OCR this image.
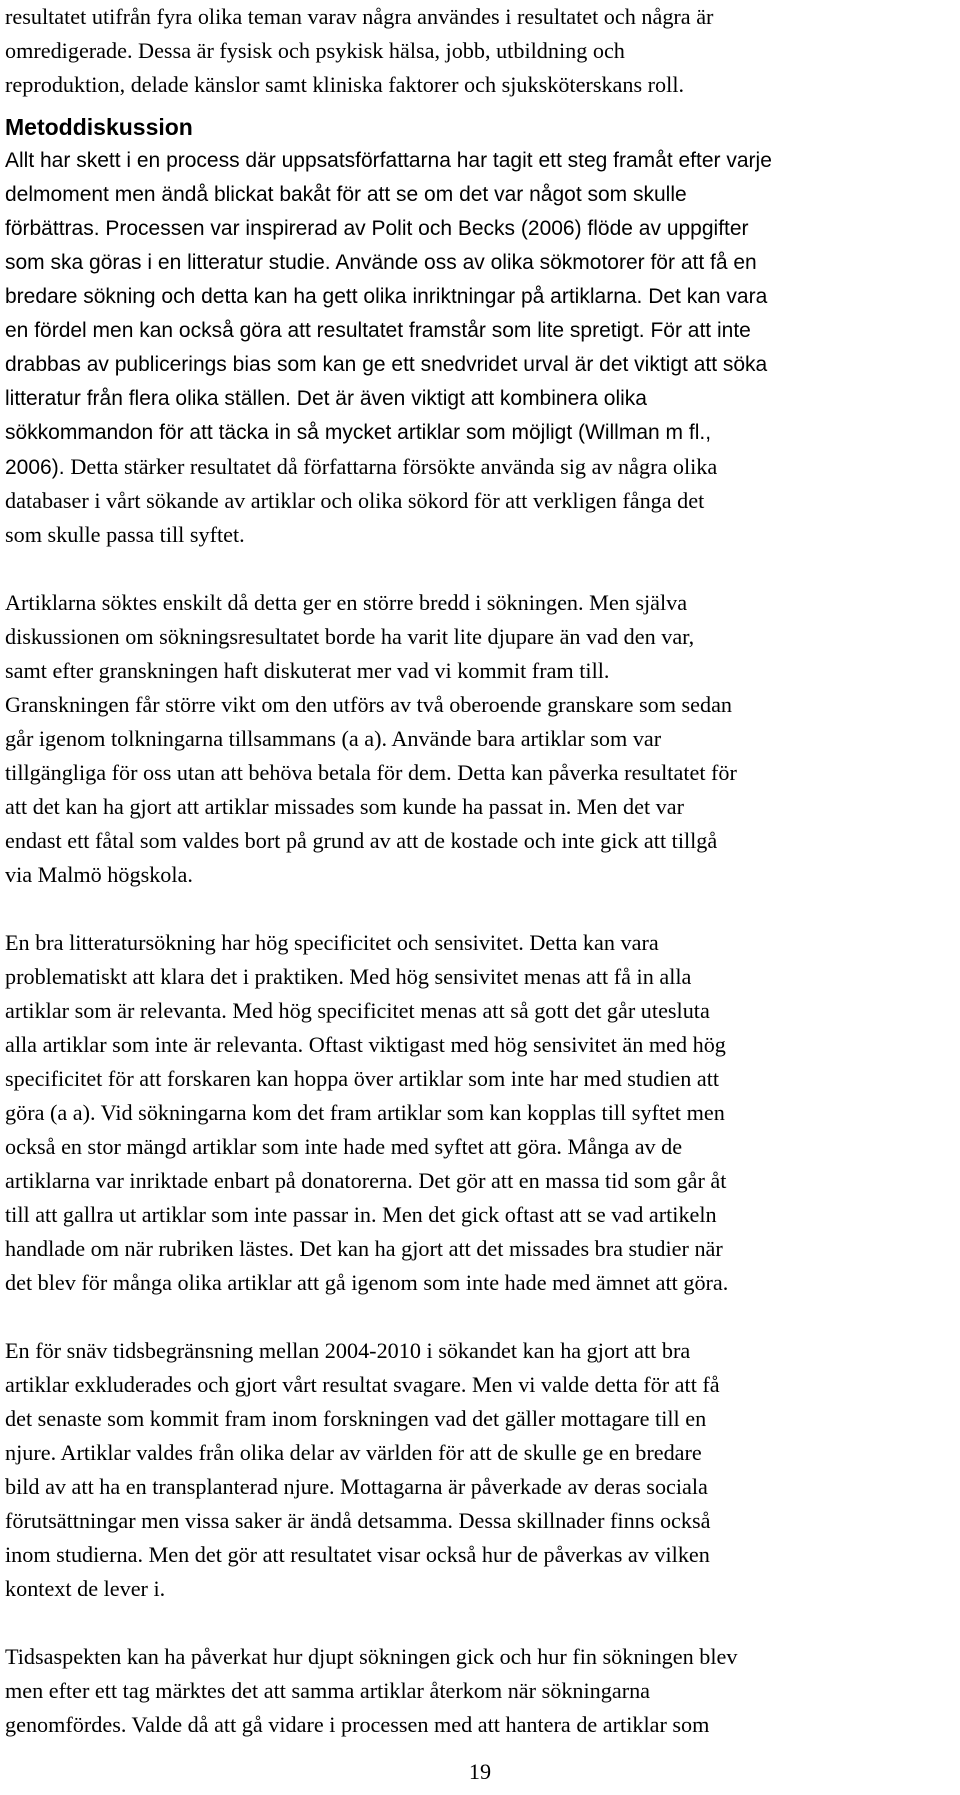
resultatet utifrån fyra olika teman varav några användes i resultatet och några är
omredigerade. Dessa är fysisk och psykisk hälsa, jobb, utbildning och
reproduktion, delade känslor samt kliniska faktorer och sjuksköterskans roll.
Metoddiskussion
Allt har skett i en process där uppsatsförfattarna har tagit ett steg framåt efter varje
delmoment men ändå blickat bakåt för att se om det var något som skulle
förbättras. Processen var inspirerad av Polit och Becks (2006) flöde av uppgifter
som ska göras i en litteratur studie. Använde oss av olika sökmotorer för att få en
bredare sökning och detta kan ha gett olika inriktningar på artiklarna. Det kan vara
en fördel men kan också göra att resultatet framstår som lite spretigt. För att inte
drabbas av publicerings bias som kan ge ett snedvridet urval är det viktigt att söka
litteratur från flera olika ställen. Det är även viktigt att kombinera olika
sökkommandon för att täcka in så mycket artiklar som möjligt (Willman m fl.,
2006). Detta stärker resultatet då författarna försökte använda sig av några olika
databaser i vårt sökande av artiklar och olika sökord för att verkligen fånga det
som skulle passa till syftet.
Artiklarna söktes enskilt då detta ger en större bredd i sökningen. Men själva
diskussionen om sökningsresultatet borde ha varit lite djupare än vad den var,
samt efter granskningen haft diskuterat mer vad vi kommit fram till.
Granskningen får större vikt om den utförs av två oberoende granskare som sedan
går igenom tolkningarna tillsammans (a a). Använde bara artiklar som var
tillgängliga för oss utan att behöva betala för dem. Detta kan påverka resultatet för
att det kan ha gjort att artiklar missades som kunde ha passat in. Men det var
endast ett fåtal som valdes bort på grund av att de kostade och inte gick att tillgå
via Malmö högskola.
En bra litteratursökning har hög specificitet och sensivitet. Detta kan vara
problematiskt att klara det i praktiken. Med hög sensivitet menas att få in alla
artiklar som är relevanta. Med hög specificitet menas att så gott det går utesluta
alla artiklar som inte är relevanta. Oftast viktigast med hög sensivitet än med hög
specificitet för att forskaren kan hoppa över artiklar som inte har med studien att
göra (a a). Vid sökningarna kom det fram artiklar som kan kopplas till syftet men
också en stor mängd artiklar som inte hade med syftet att göra. Många av de
artiklarna var inriktade enbart på donatorerna. Det gör att en massa tid som går åt
till att gallra ut artiklar som inte passar in. Men det gick oftast att se vad artikeln
handlade om när rubriken lästes. Det kan ha gjort att det missades bra studier när
det blev för många olika artiklar att gå igenom som inte hade med ämnet att göra.
En för snäv tidsbegränsning mellan 2004-2010 i sökandet kan ha gjort att bra
artiklar exkluderades och gjort vårt resultat svagare. Men vi valde detta för att få
det senaste som kommit fram inom forskningen vad det gäller mottagare till en
njure. Artiklar valdes från olika delar av världen för att de skulle ge en bredare
bild av att ha en transplanterad njure. Mottagarna är påverkade av deras sociala
förutsättningar men vissa saker är ändå detsamma. Dessa skillnader finns också
inom studierna. Men det gör att resultatet visar också hur de påverkas av vilken
kontext de lever i.
Tidsaspekten kan ha påverkat hur djupt sökningen gick och hur fin sökningen blev
men efter ett tag märktes det att samma artiklar återkom när sökningarna
genomfördes. Valde då att gå vidare i processen med att hantera de artiklar som
19
